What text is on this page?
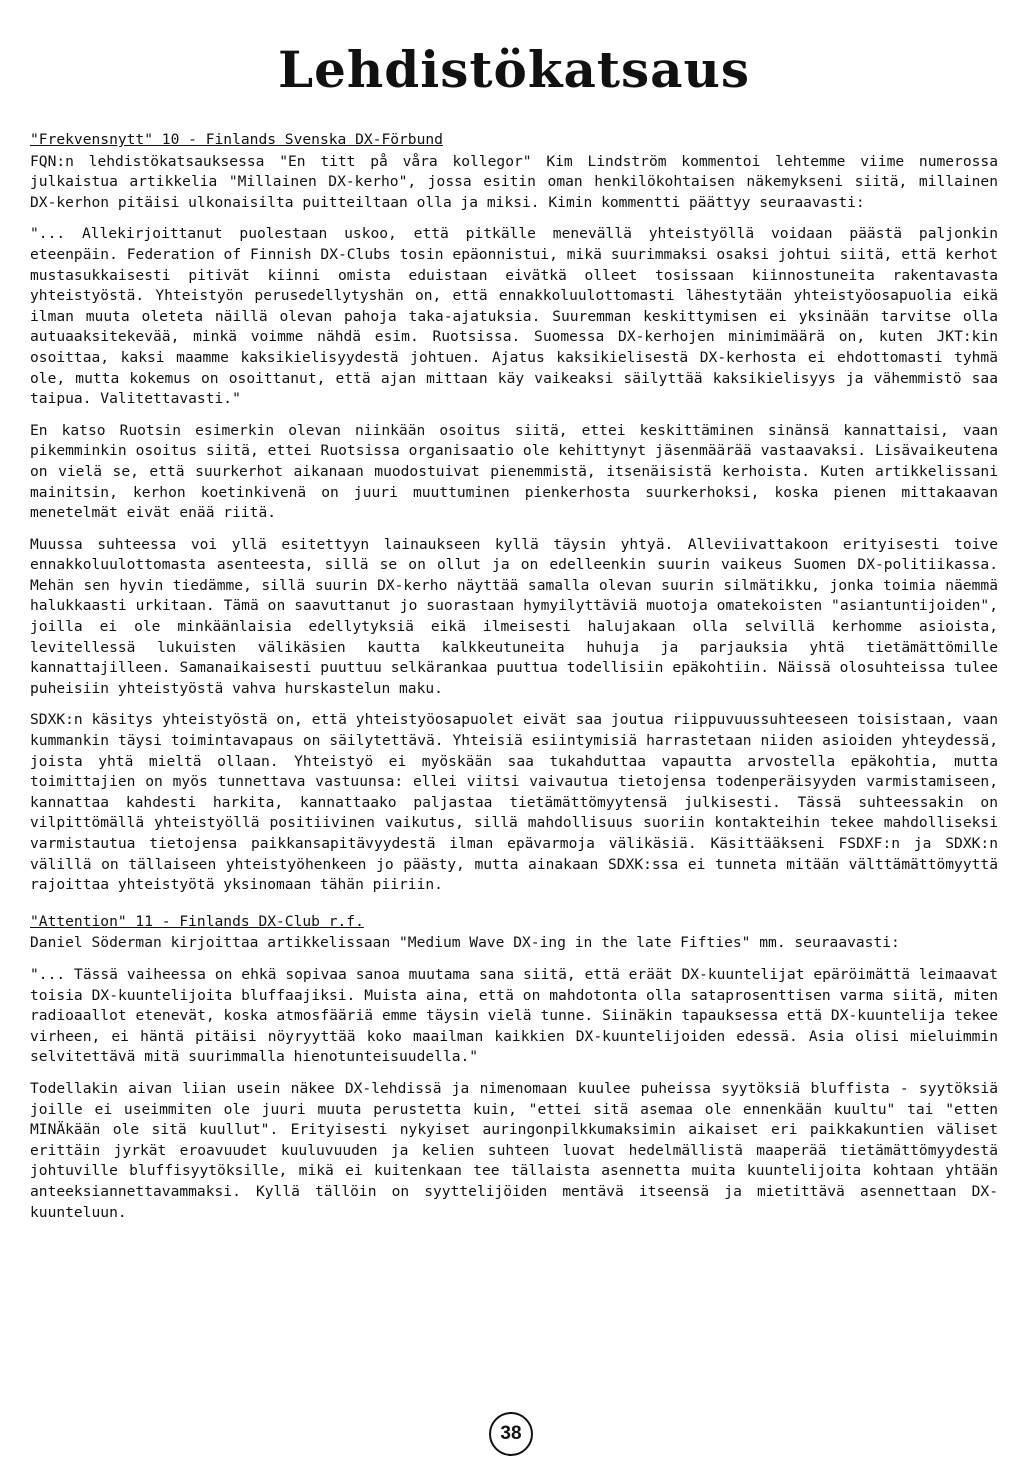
Lehdistökatsaus

"Frekvensnytt" 10 - Finlands Svenska DX-Förbund

FQN:n lehdistökatsauksessa "En titt på våra kollegor" Kim Lindström kommentoi lehtemme viime numerossa julkaistua artikkelia "Millainen DX-kerho", jossa esitin oman henkilökohtaisen näkemykseni siitä, millainen DX-kerhon pitäisi ulkonaisilta puitteiltaan olla ja miksi. Kimin kommentti päättyy seuraavasti:

"... Allekirjoittanut puolestaan uskoo, että pitkälle menevällä yhteistyöllä voidaan päästä paljonkin eteenpäin. Federation of Finnish DX-Clubs tosin epäonnistui, mikä suurimmaksi osaksi johtui siitä, että kerhot mustasukkaisesti pitivät kiinni omista eduistaan eivätkä olleet tosissaan kiinnostuneita rakentavasta yhteistyöstä. Yhteistyön perusedellytyshän on, että ennakkoluulottomasti lähestytään yhteistyöosapuolia eikä ilman muuta oleteta näillä olevan pahoja taka-ajatuksia. Suuremman keskittymisen ei yksinään tarvitse olla autuaaksitekevää, minkä voimme nähdä esim. Ruotsissa. Suomessa DX-kerhojen minimimäärä on, kuten JKT:kin osoittaa, kaksi maamme kaksikielisyydestä johtuen. Ajatus kaksikielisestä DX-kerhosta ei ehdottomasti tyhmä ole, mutta kokemus on osoittanut, että ajan mittaan käy vaikeaksi säilyttää kaksikielisyys ja vähemmistö saa taipua. Valitettavasti."

En katso Ruotsin esimerkin olevan niinkään osoitus siitä, ettei keskittäminen sinänsä kannattaisi, vaan pikemminkin osoitus siitä, ettei Ruotsissa organisaatio ole kehittynyt jäsenmäärää vastaavaksi. Lisävaikeutena on vielä se, että suurkerhot aikanaan muodostuivat pienemmistä, itsenäisistä kerhoista. Kuten artikkelissani mainitsin, kerhon koetinkivenä on juuri muuttuminen pienkerhosta suurkerhoksi, koska pienen mittakaavan menetelmät eivät enää riitä.

Muussa suhteessa voi yllä esitettyyn lainaukseen kyllä täysin yhtyä. Alleviivattakoon erityisesti toive ennakkoluulottomasta asenteesta, sillä se on ollut ja on edelleenkin suurin vaikeus Suomen DX-politiikassa. Mehän sen hyvin tiedämme, sillä suurin DX-kerho näyttää samalla olevan suurin silmätikku, jonka toimia näemmä halukkaasti urkitaan. Tämä on saavuttanut jo suorastaan hymyilyttäviä muotoja omatekoisten "asiantuntijoiden", joilla ei ole minkäänlaisia edellytyksiä eikä ilmeisesti halujakaan olla selvillä kerhomme asioista, levitellessä lukuisten välikäsien kautta kalkkeutuneita huhuja ja parjauksia yhtä tietämättömille kannattajilleen. Samanaikaisesti puuttuu selkärankaa puuttua todellisiin epäkohtiin. Näissä olosuhteissa tulee puheisiin yhteistyöstä vahva hurskastelun maku.

SDXK:n käsitys yhteistyöstä on, että yhteistyöosapuolet eivät saa joutua riippuvuussuhteeseen toisistaan, vaan kummankin täysi toimintavapaus on säilytettävä. Yhteisiä esiintymisiä harrastetaan niiden asioiden yhteydessä, joista yhtä mieltä ollaan. Yhteistyö ei myöskään saa tukahduttaa vapautta arvostella epäkohtia, mutta toimittajien on myös tunnettava vastuunsa: ellei viitsi vaivautua tietojensa todenperäisyyden varmistamiseen, kannattaa kahdesti harkita, kannattaako paljastaa tietämättömyytensä julkisesti. Tässä suhteessakin on vilpittömällä yhteistyöllä positiivinen vaikutus, sillä mahdollisuus suoriin kontakteihin tekee mahdolliseksi varmistautua tietojensa paikkansapitävyydestä ilman epävarmoja välikäsiä. Käsittääkseni FSDXF:n ja SDXK:n välillä on tällaiseen yhteistyöhenkeen jo päästy, mutta ainakaan SDXK:ssa ei tunneta mitään välttämättömyyttä rajoittaa yhteistyötä yksinomaan tähän piiriin.

"Attention" 11 - Finlands DX-Club r.f.

Daniel Söderman kirjoittaa artikkelissaan "Medium Wave DX-ing in the late Fifties" mm. seuraavasti:

"... Tässä vaiheessa on ehkä sopivaa sanoa muutama sana siitä, että eräät DX-kuuntelijat epäröimättä leimaavat toisia DX-kuuntelijoita bluffaajiksi. Muista aina, että on mahdotonta olla sataprosenttisen varma siitä, miten radioaallot etenevät, koska atmosfääriä emme täysin vielä tunne. Siinäkin tapauksessa että DX-kuuntelija tekee virheen, ei häntä pitäisi nöyryyttää koko maailman kaikkien DX-kuuntelijoiden edessä. Asia olisi mieluimmin selvitettävä mitä suurimmalla hienotunteisuudella."

Todellakin aivan liian usein näkee DX-lehdissä ja nimenomaan kuulee puheissa syytöksiä bluffista - syytöksiä joille ei useimmiten ole juuri muuta perustetta kuin, "ettei sitä asemaa ole ennenkään kuultu" tai "etten MINÄkään ole sitä kuullut". Erityisesti nykyiset auringonpilkkumaksimin aikaiset eri paikkakuntien väliset erittäin jyrkät eroavuudet kuuluvuuden ja kelien suhteen luovat hedelmällistä maaperää tietämättömyydestä johtuville bluffisyytöksille, mikä ei kuitenkaan tee tällaista asennetta muita kuuntelijoita kohtaan yhtään anteeksiannettavammaksi. Kyllä tällöin on syyttelijöiden mentävä itseensä ja mietittävä asennettaan DX-kuunteluun.

38
